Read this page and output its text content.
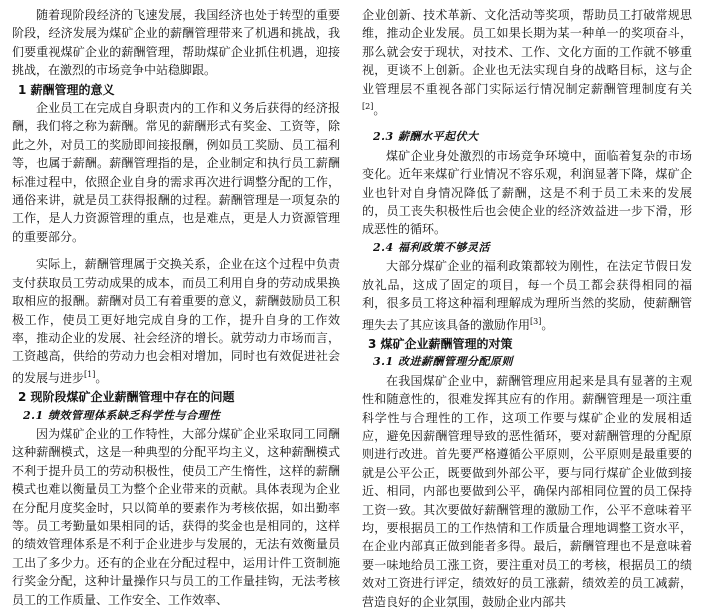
随着现阶段经济的飞速发展，我国经济也处于转型的重要阶段，经济发展为煤矿企业的薪酬管理带来了机遇和挑战，我们要重视煤矿企业的薪酬管理，帮助煤矿企业抓住机遇，迎接挑战，在激烈的市场竞争中站稳脚跟。

1 薪酬管理的意义

企业员工在完成自身职责内的工作和义务后获得的经济报酬，我们将之称为薪酬。常见的薪酬形式有奖金、工资等，除此之外，对员工的奖励即间接报酬，例如员工奖励、员工福利等，也属于薪酬。薪酬管理指的是，企业制定和执行员工薪酬标准过程中，依照企业自身的需求再次进行调整分配的工作，通俗来讲，就是员工获得报酬的过程。薪酬管理是一项复杂的工作，是人力资源管理的重点，也是难点，更是人力资源管理的重要部分。

实际上，薪酬管理属于交换关系，企业在这个过程中负责支付获取员工劳动成果的成本，而员工利用自身的劳动成果换取相应的报酬。薪酬对员工有着重要的意义，薪酬鼓励员工积极工作，使员工更好地完成自身的工作，提升自身的工作效率，推动企业的发展、社会经济的增长。就劳动力市场而言，工资越高，供给的劳动力也会相对增加，同时也有效促进社会的发展与进步[1]。

2 现阶段煤矿企业薪酬管理中存在的问题
2.1 绩效管理体系缺乏科学性与合理性

因为煤矿企业的工作特性，大部分煤矿企业采取同工同酬这种薪酬模式，这是一种典型的分配平均主义，这种薪酬模式不利于提升员工的劳动积极性，使员工产生惰性，这样的薪酬模式也难以衡量员工为整个企业带来的贡献。具体表现为企业在分配月度奖金时，只以简单的要素作为考核依据，如出勤率等。员工考勤量如果相同的话，获得的奖金也是相同的，这样的绩效管理体系是不利于企业进步与发展的，无法有效衡量员工出了多少力。还有的企业在分配过程中，运用计件工资制施行奖金分配，这种计量操作只与员工的工作量挂钩，无法考核员工的工作质量、工作安全、工作效率、

企业创新、技术革新、文化活动等奖项，帮助员工打破常规思维，推动企业发展。员工如果长期为某一种单一的奖项奋斗，那么就会安于现状，对技术、工作、文化方面的工作就不够重视，更谈不上创新。企业也无法实现自身的战略目标，这与企业管理层不重视各部门实际运行情况制定薪酬管理制度有关[2]。

2.3 薪酬水平起伏大

煤矿企业身处激烈的市场竞争环境中，面临着复杂的市场变化。近年来煤矿行业情况不容乐观，利润显著下降，煤矿企业也针对自身情况降低了薪酬，这是不利于员工未来的发展的，员工丧失积极性后也会使企业的经济效益进一步下滑，形成恶性的循环。

2.4 福利政策不够灵活

大部分煤矿企业的福利政策都较为刚性，在法定节假日发放礼品，这成了固定的项目，每一个员工都会获得相同的福利，很多员工将这种福利理解成为理所当然的奖励，使薪酬管理失去了其应该具备的激励作用[3]。

3 煤矿企业薪酬管理的对策
3.1 改进薪酬管理分配原则

在我国煤矿企业中，薪酬管理应用起来是具有显著的主观性和随意性的，很难发挥其应有的作用。薪酬管理是一项注重科学性与合理性的工作，这项工作要与煤矿企业的发展相适应，避免因薪酬管理导致的恶性循环，要对薪酬管理的分配原则进行改进。首先要严格遵循公平原则，公平原则是最重要的就是公平公正，既要做到外部公平，要与同行煤矿企业做到接近、相同，内部也要做到公平，确保内部相同位置的员工保持工资一致。其次要做好薪酬管理的激励工作，公平不意味着平均，要根据员工的工作热情和工作质量合理地调整工资水平，在企业内部真正做到能者多得。最后，薪酬管理也不是意味着要一味地给员工涨工资，要注重对员工的考核，根据员工的绩效对工资进行评定，绩效好的员工涨薪，绩效差的员工减薪，营造良好的企业氛围，鼓励企业内部共
